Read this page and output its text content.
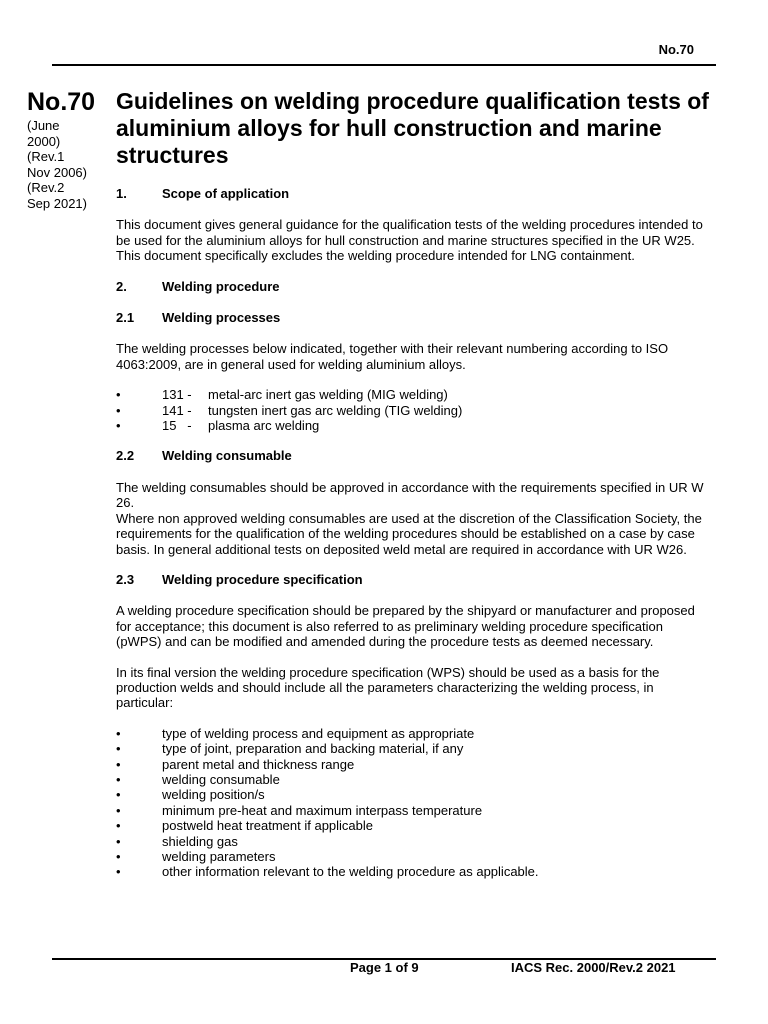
No.70
No.70
(June
2000)
(Rev.1
Nov 2006)
(Rev.2
Sep 2021)
Guidelines on welding procedure qualification tests of aluminium alloys for hull construction and marine structures
1.	Scope of application
This document gives general guidance for the qualification tests of the welding procedures intended to be used for the aluminium alloys for hull construction and marine structures specified in the UR W25.
This document specifically excludes the welding procedure intended for LNG containment.
2.	Welding procedure
2.1	Welding processes
The welding processes below indicated, together with their relevant numbering according to ISO 4063:2009, are in general used for welding aluminium alloys.
•	131 -	metal-arc inert gas welding (MIG welding)
•	141 -	tungsten inert gas arc welding (TIG welding)
•	15   -	plasma arc welding
2.2	Welding consumable
The welding consumables should be approved in accordance with the requirements specified in UR W 26.
Where non approved welding consumables are used at the discretion of the Classification Society, the requirements for the qualification of the welding procedures should be established on a case by case basis. In general additional tests on deposited weld metal are required in accordance with UR W26.
2.3	Welding procedure specification
A welding procedure specification should be prepared by the shipyard or manufacturer and proposed for acceptance; this document is also referred to as preliminary welding procedure specification (pWPS) and can be modified and amended during the procedure tests as deemed necessary.
In its final version the welding procedure specification (WPS) should be used as a basis for the production welds and should include all the parameters characterizing the welding process, in particular:
•	type of welding process and equipment as appropriate
•	type of joint, preparation and backing material, if any
•	parent metal and thickness range
•	welding consumable
•	welding position/s
•	minimum pre-heat and maximum interpass temperature
•	postweld heat treatment if applicable
•	shielding gas
•	welding parameters
•	other information relevant to the welding procedure as applicable.
Page 1 of 9	IACS Rec. 2000/Rev.2 2021
